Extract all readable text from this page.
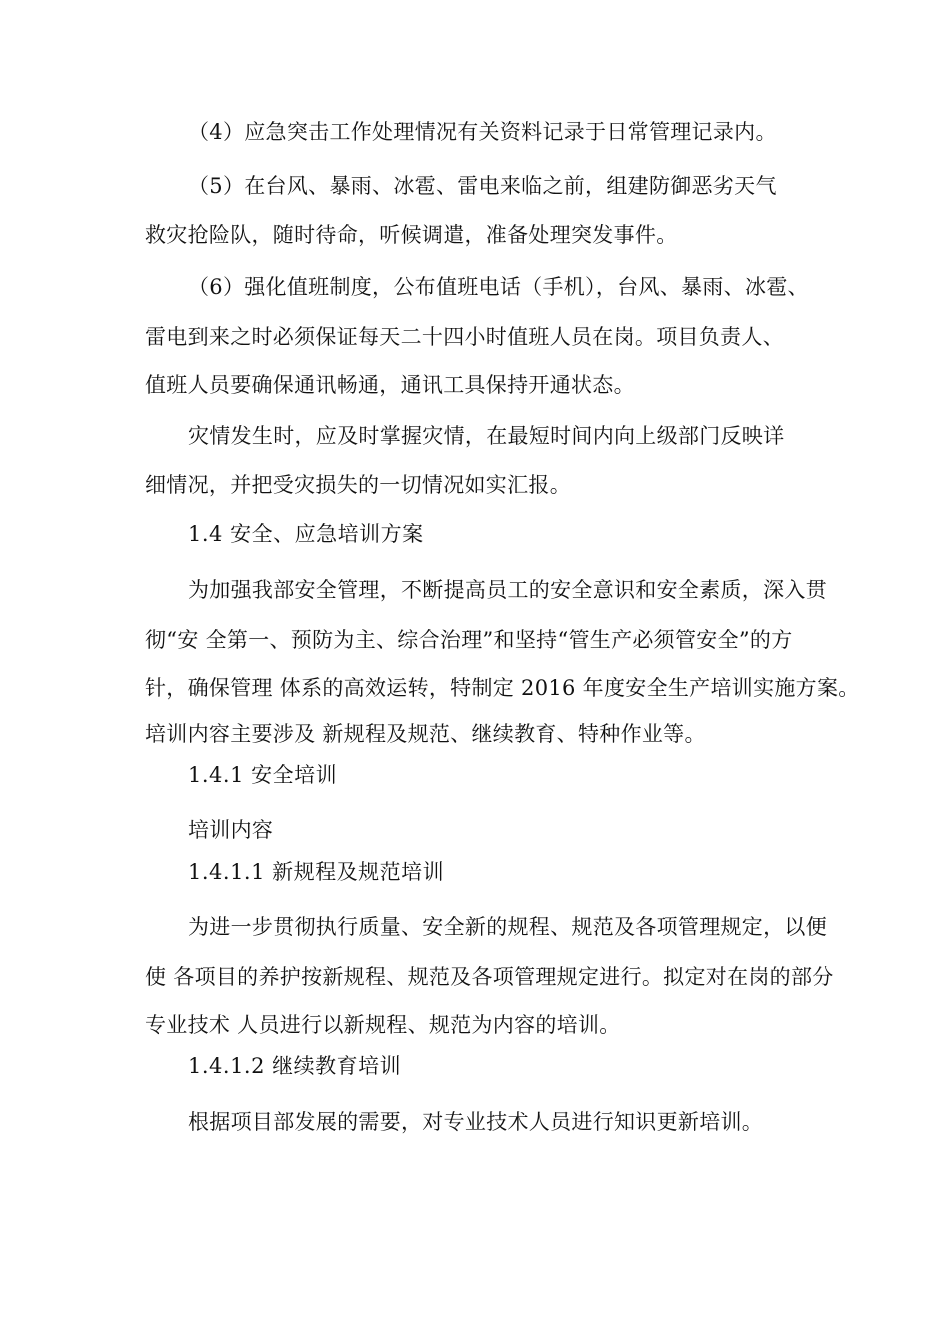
（4）应急突击工作处理情况有关资料记录于日常管理记录内。
（5）在台风、暴雨、冰雹、雷电来临之前，组建防御恶劣天气
救灾抢险队，随时待命，听候调遣，准备处理突发事件。
（6）强化值班制度，公布值班电话（手机），台风、暴雨、冰雹、
雷电到来之时必须保证每天二十四小时值班人员在岗。项目负责人、
值班人员要确保通讯畅通，通讯工具保持开通状态。
灾情发生时，应及时掌握灾情，在最短时间内向上级部门反映详
细情况，并把受灾损失的一切情况如实汇报。
1.4 安全、应急培训方案
为加强我部安全管理，不断提高员工的安全意识和安全素质，深入贯
彻“安 全第一、预防为主、综合治理”和坚持“管生产必须管安全”的方
针，确保管理 体系的高效运转，特制定 2016 年度安全生产培训实施方案。
培训内容主要涉及 新规程及规范、继续教育、特种作业等。
1.4.1 安全培训
培训内容
1.4.1.1 新规程及规范培训
为进一步贯彻执行质量、安全新的规程、规范及各项管理规定，以便
使 各项目的养护按新规程、规范及各项管理规定进行。拟定对在岗的部分
专业技术 人员进行以新规程、规范为内容的培训。
1.4.1.2 继续教育培训
根据项目部发展的需要，对专业技术人员进行知识更新培训。
